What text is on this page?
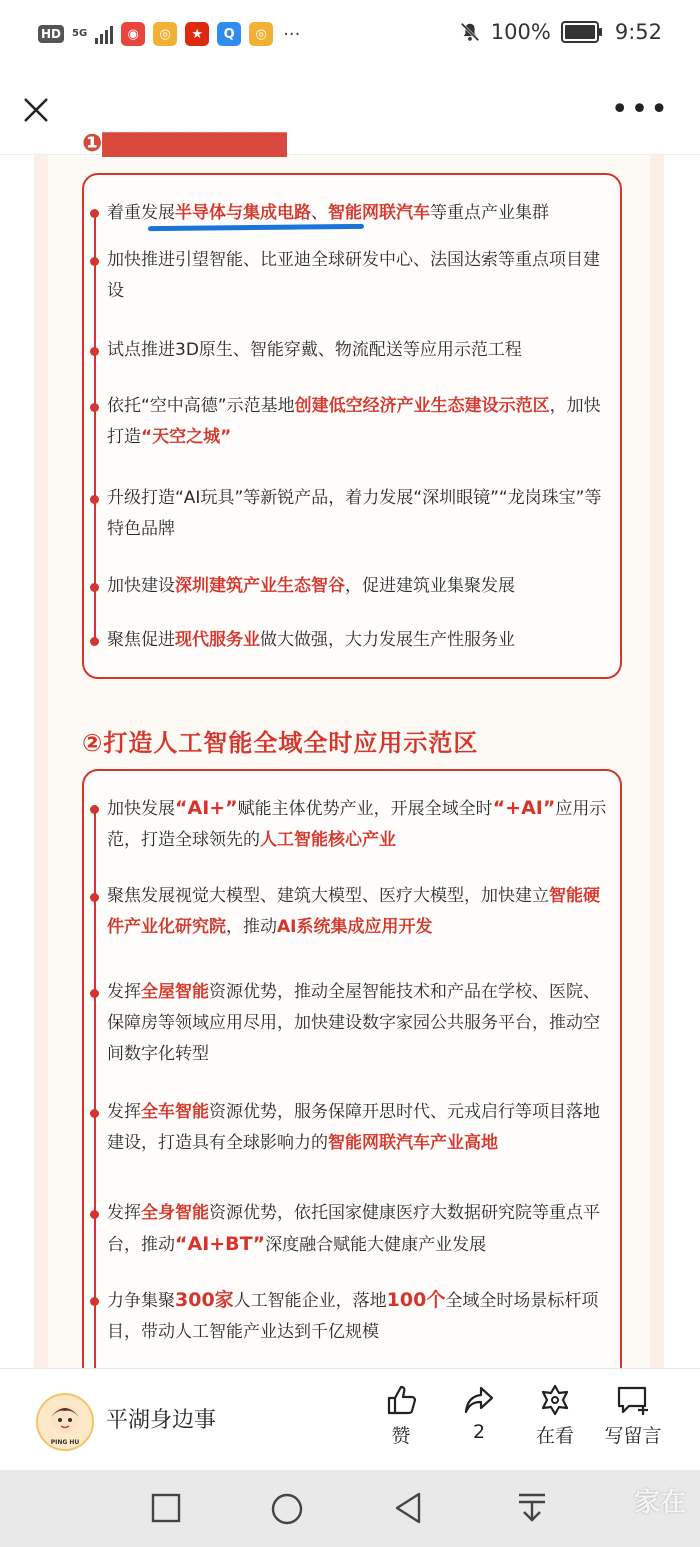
HD	5G	◉	◎	★	Q	◎ ···	100%	9:52
•••
❶▇▇▇▇▇▇▇▇▇▇
着重发展半导体与集成电路、智能网联汽车等重点产业集群
加快推进引望智能、比亚迪全球研发中心、法国达索等重点项目建设
试点推进3D原生、智能穿戴、物流配送等应用示范工程
依托“空中高德”示范基地创建低空经济产业生态建设示范区，加快打造“天空之城”
升级打造“AI玩具”等新锐产品，着力发展“深圳眼镜”“龙岗珠宝”等特色品牌
加快建设深圳建筑产业生态智谷，促进建筑业集聚发展
聚焦促进现代服务业做大做强，大力发展生产性服务业
②打造人工智能全域全时应用示范区
加快发展“AI+”赋能主体优势产业，开展全域全时“+AI”应用示范，打造全球领先的人工智能核心产业
聚焦发展视觉大模型、建筑大模型、医疗大模型，加快建立智能硬件产业化研究院，推动AI系统集成应用开发
发挥全屋智能资源优势，推动全屋智能技术和产品在学校、医院、保障房等领域应用尽用，加快建设数字家园公共服务平台，推动空间数字化转型
发挥全车智能资源优势，服务保障开思时代、元戎启行等项目落地建设，打造具有全球影响力的智能网联汽车产业高地
发挥全身智能资源优势，依托国家健康医疗大数据研究院等重点平台，推动“AI+BT”深度融合赋能大健康产业发展
力争集聚300家人工智能企业，落地100个全域全时场景标杆项目，带动人工智能产业达到千亿规模
PING HU
平湖身边事
赞	2	在看	写留言
家在
